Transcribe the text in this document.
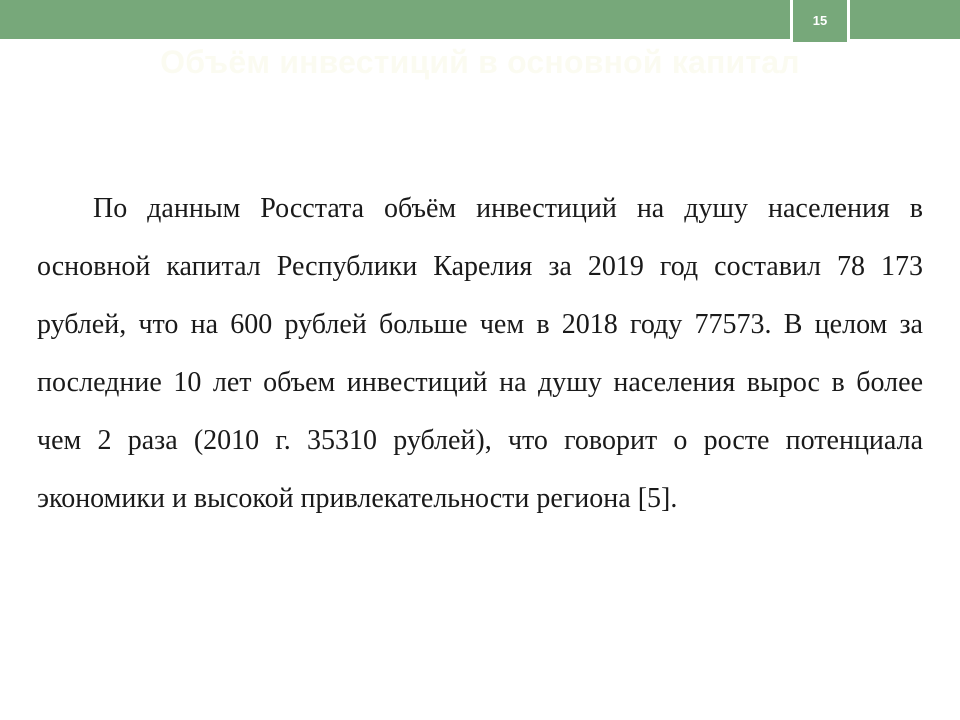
15
Объём инвестиций в основной капитал

По данным Росстата объём инвестиций на душу населения в основной капитал Республики Карелия за 2019 год составил 78 173 рублей, что на 600 рублей больше чем в 2018 году 77573. В целом за последние 10 лет объем инвестиций на душу населения вырос в более чем 2 раза (2010 г. 35310 рублей), что говорит о росте потенциала экономики и высокой привлекательности региона [5].
